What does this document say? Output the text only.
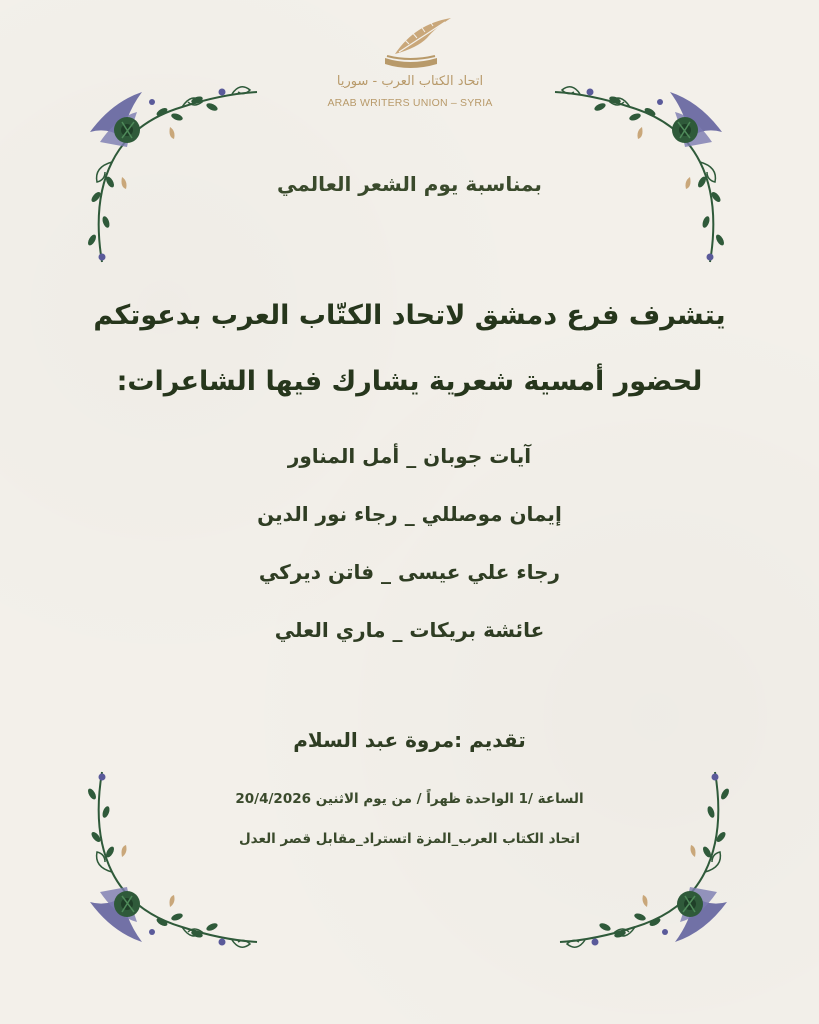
اتحاد الكتاب العرب - سوريا
ARAB WRITERS UNION – SYRIA
بمناسبة يوم الشعر العالمي
يتشرف فرع دمشق لاتحاد الكتّاب العرب بدعوتكم
لحضور أمسية شعرية يشارك فيها الشاعرات:
آيات جوبان _ أمل المناور
إيمان موصللي _ رجاء نور الدين
رجاء علي عيسى _ فاتن ديركي
عائشة بريكات _ ماري العلي
تقديم :مروة عبد السلام
الساعة /1 الواحدة ظهراً / من يوم الاثنين 20/4/2026
اتحاد الكتاب العرب_المزة اتستراد_مقابل قصر العدل
